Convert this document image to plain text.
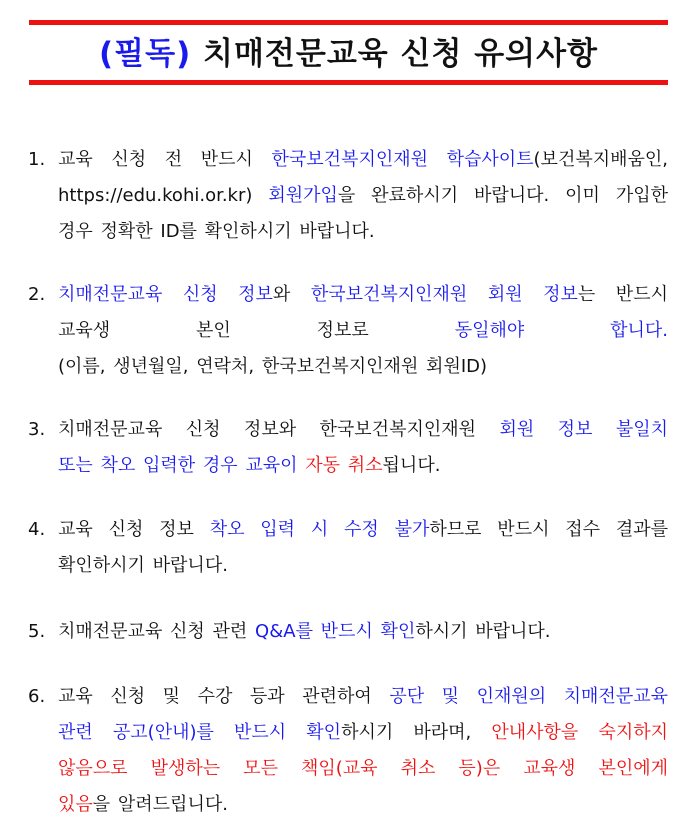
(필독) 치매전문교육 신청 유의사항
1. 교육 신청 전 반드시 한국보건복지인재원 학습사이트(보건복지배움인,
https://edu.kohi.or.kr) 회원가입을 완료하시기 바랍니다. 이미 가입한
경우 정확한 ID를 확인하시기 바랍니다.
2. 치매전문교육 신청 정보와 한국보건복지인재원 회원 정보는 반드시
교육생 본인 정보로 동일해야 합니다.
(이름, 생년월일, 연락처, 한국보건복지인재원 회원ID)
3. 치매전문교육 신청 정보와 한국보건복지인재원 회원 정보 불일치
또는 착오 입력한 경우 교육이 자동 취소됩니다.
4. 교육 신청 정보 착오 입력 시 수정 불가하므로 반드시 접수 결과를
확인하시기 바랍니다.
5. 치매전문교육 신청 관련 Q&A를 반드시 확인하시기 바랍니다.
6. 교육 신청 및 수강 등과 관련하여 공단 및 인재원의 치매전문교육
관련 공고(안내)를 반드시 확인하시기 바라며, 안내사항을 숙지하지
않음으로 발생하는 모든 책임(교육 취소 등)은 교육생 본인에게
있음을 알려드립니다.
